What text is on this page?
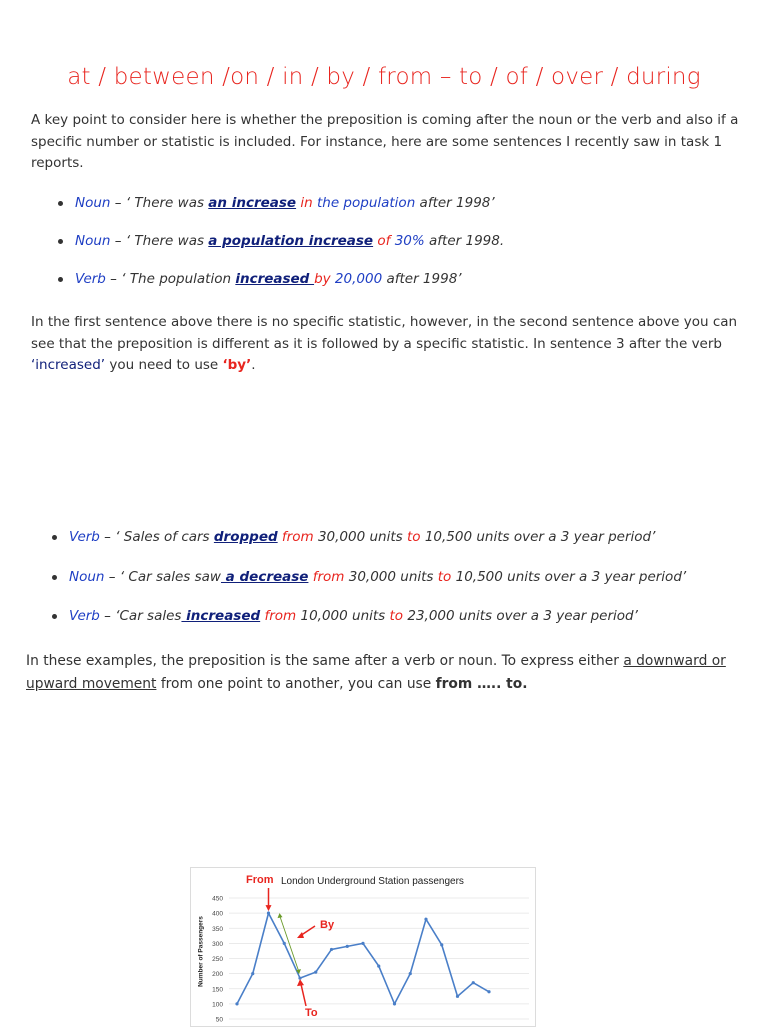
at / between /on / in / by / from – to / of / over / during
A key point to consider here is whether the preposition is coming after the noun or the verb and also if a specific number or statistic is included. For instance, here are some sentences I recently saw in task 1 reports.
Noun – ‘ There was an increase in the population after 1998’
Noun – ‘ There was a population increase of 30% after 1998.
Verb – ‘ The population increased by 20,000 after 1998’
In the first sentence above there is no specific statistic, however, in the second sentence above you can see that the preposition is different as it is followed by a specific statistic. In sentence 3 after the verb ‘increased’ you need to use ‘by’.
Verb – ‘ Sales of cars dropped from 30,000 units to 10,500 units over a 3 year period’
Noun – ‘ Car sales saw a decrease from 30,000 units to 10,500 units over a 3 year period’
Verb – ‘Car sales increased from 10,000 units to 23,000 units over a 3 year period’
In these examples, the preposition is the same after a verb or noun. To express either a downward or upward movement from one point to another, you can use from ….. to.
50
100
150
200
250
300
350
400
450
London Underground Station passengers
Number of Passengers
From
By
To
